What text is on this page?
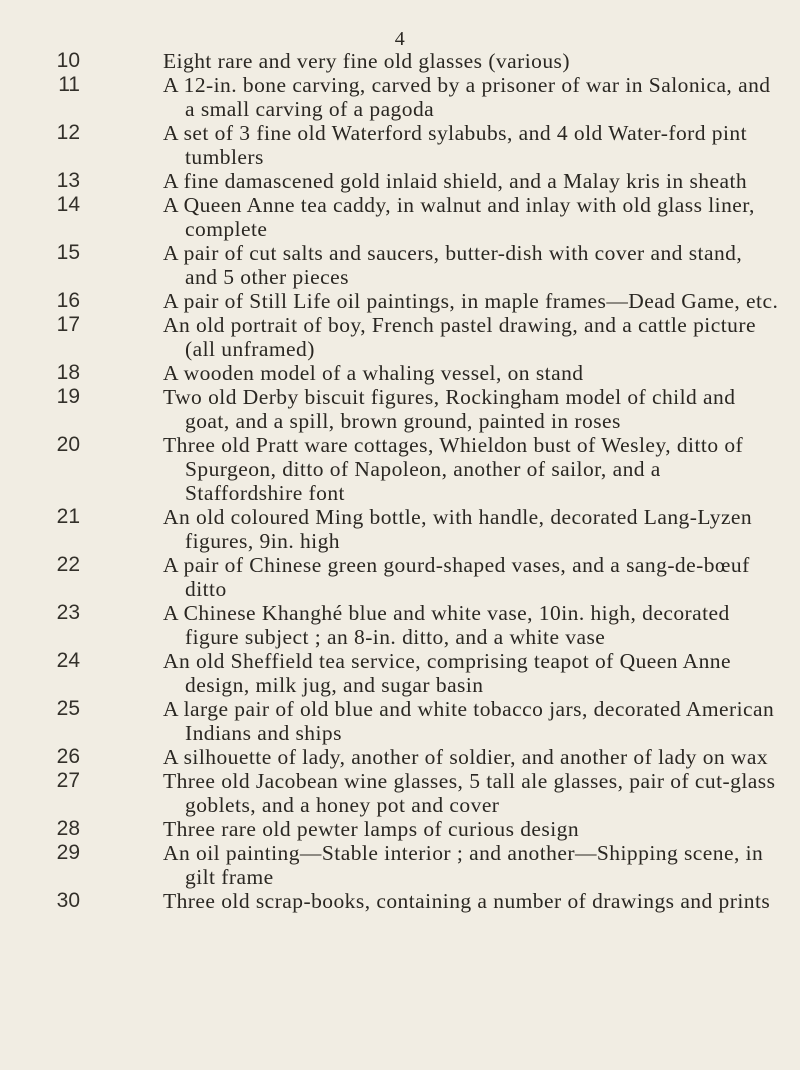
4
10	Eight rare and very fine old glasses (various)
11	A 12-in. bone carving, carved by a prisoner of war in Salonica, and a small carving of a pagoda
12	A set of 3 fine old Waterford sylabubs, and 4 old Water-ford pint tumblers
13	A fine damascened gold inlaid shield, and a Malay kris in sheath
14	A Queen Anne tea caddy, in walnut and inlay with old glass liner, complete
15	A pair of cut salts and saucers, butter-dish with cover and stand, and 5 other pieces
16	A pair of Still Life oil paintings, in maple frames—Dead Game, etc.
17	An old portrait of boy, French pastel drawing, and a cattle picture (all unframed)
18	A wooden model of a whaling vessel, on stand
19	Two old Derby biscuit figures, Rockingham model of child and goat, and a spill, brown ground, painted in roses
20	Three old Pratt ware cottages, Whieldon bust of Wesley, ditto of Spurgeon, ditto of Napoleon, another of sailor, and a Staffordshire font
21	An old coloured Ming bottle, with handle, decorated Lang-Lyzen figures, 9in. high
22	A pair of Chinese green gourd-shaped vases, and a sang-de-bœuf ditto
23	A Chinese Khanghé blue and white vase, 10in. high, decorated figure subject ; an 8-in. ditto, and a white vase
24	An old Sheffield tea service, comprising teapot of Queen Anne design, milk jug, and sugar basin
25	A large pair of old blue and white tobacco jars, decorated American Indians and ships
26	A silhouette of lady, another of soldier, and another of lady on wax
27	Three old Jacobean wine glasses, 5 tall ale glasses, pair of cut-glass goblets, and a honey pot and cover
28	Three rare old pewter lamps of curious design
29	An oil painting—Stable interior ; and another—Shipping scene, in gilt frame
30	Three old scrap-books, containing a number of drawings and prints
